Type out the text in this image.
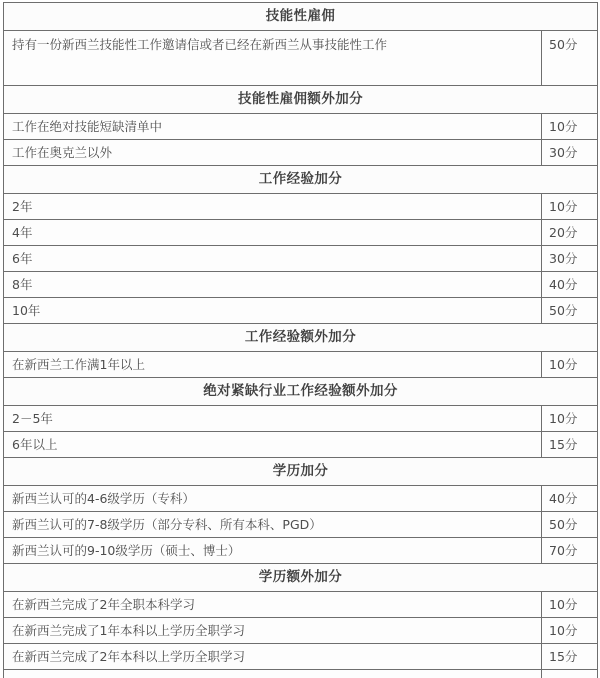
技能性雇佣
持有一份新西兰技能性工作邀请信或者已经在新西兰从事技能性工作	50分
技能性雇佣额外加分
工作在绝对技能短缺清单中	10分
工作在奥克兰以外	30分
工作经验加分
2年	10分
4年	20分
6年	30分
8年	40分
10年	50分
工作经验额外加分
在新西兰工作满1年以上	10分
绝对紧缺行业工作经验额外加分
2－5年	10分
6年以上	15分
学历加分
新西兰认可的4-6级学历（专科）	40分
新西兰认可的7-8级学历（部分专科、所有本科、PGD）	50分
新西兰认可的9-10级学历（硕士、博士）	70分
学历额外加分
在新西兰完成了2年全职本科学习	10分
在新西兰完成了1年本科以上学历全职学习	10分
在新西兰完成了2年本科以上学历全职学习	15分
